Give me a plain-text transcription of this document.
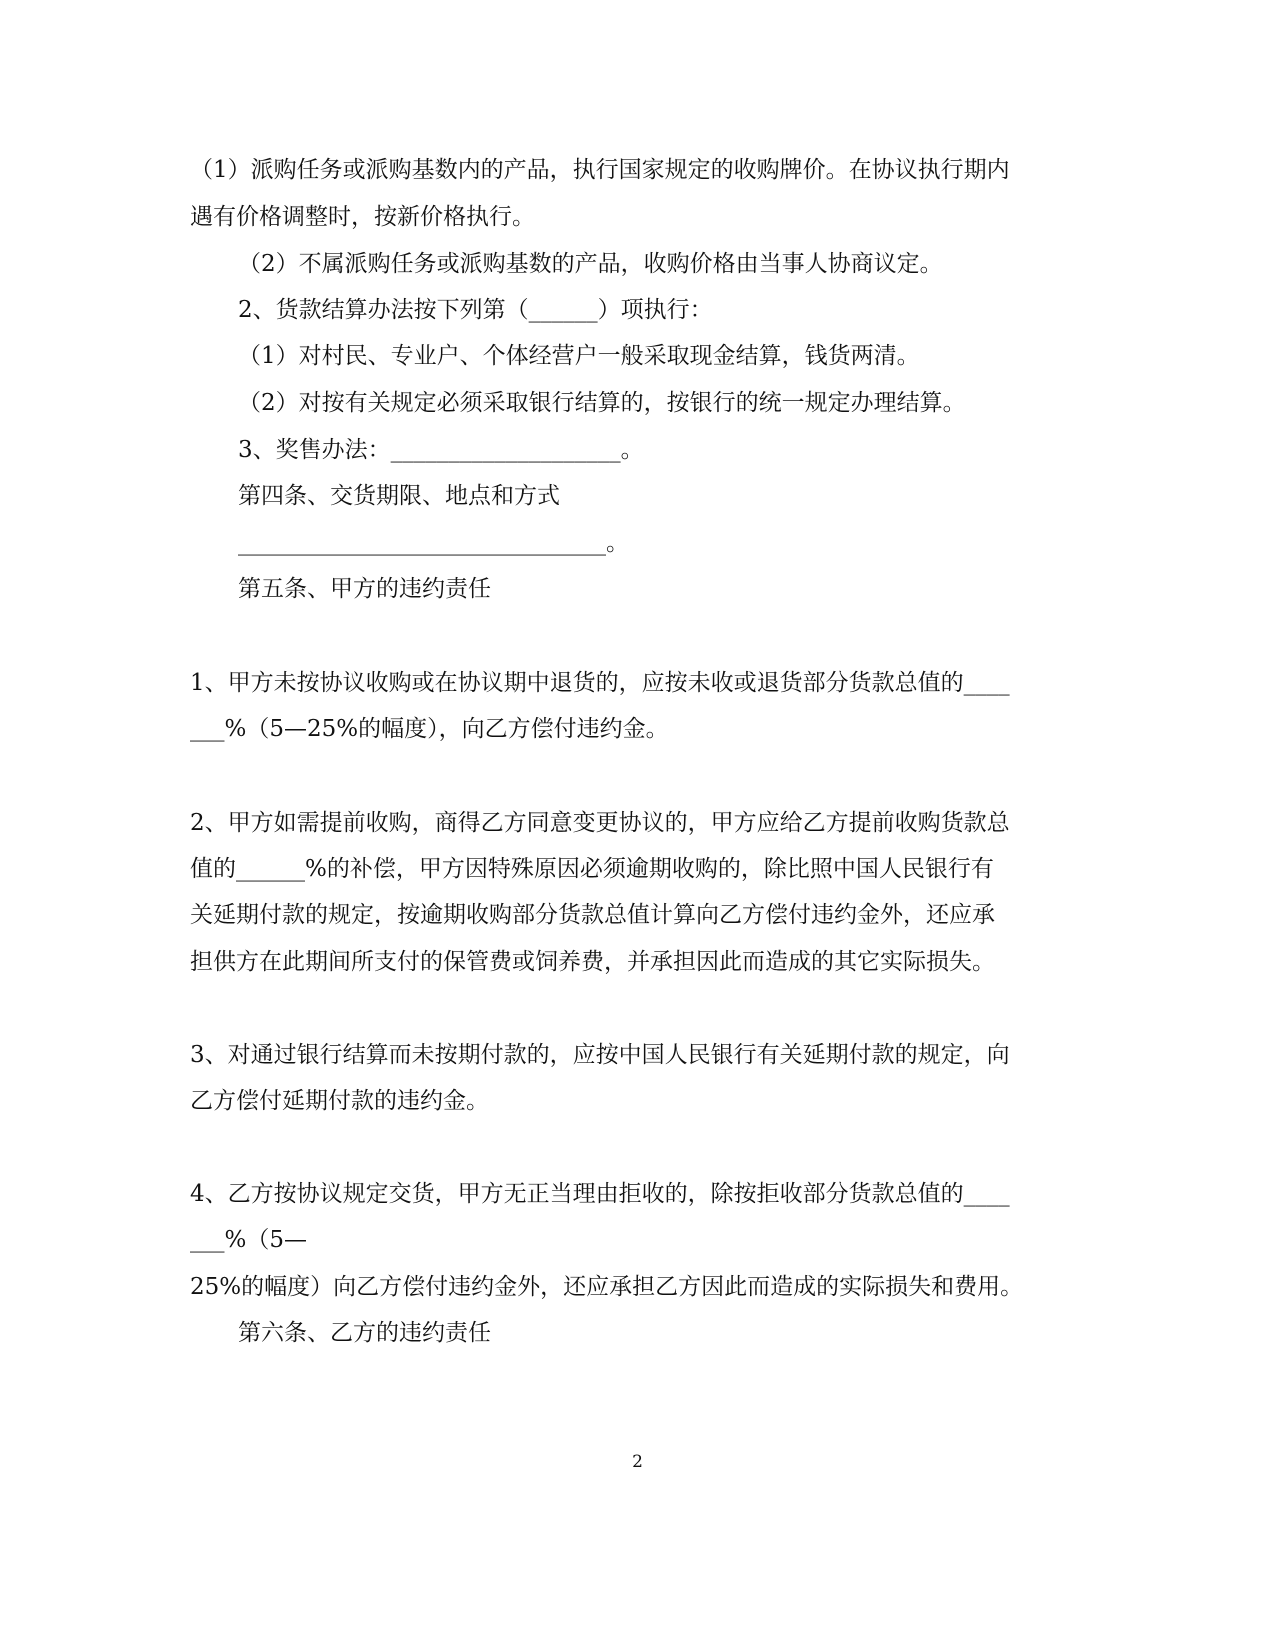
（1）派购任务或派购基数内的产品，执行国家规定的收购牌价。在协议执行期内
遇有价格调整时，按新价格执行。
（2）不属派购任务或派购基数的产品，收购价格由当事人协商议定。
2、货款结算办法按下列第（______）项执行：
（1）对村民、专业户、个体经营户一般采取现金结算，钱货两清。
（2）对按有关规定必须采取银行结算的，按银行的统一规定办理结算。
3、奖售办法：____________________。
第四条、交货期限、地点和方式
________________________________。
第五条、甲方的违约责任
1、甲方未按协议收购或在协议期中退货的，应按未收或退货部分货款总值的____
___%（5—25%的幅度），向乙方偿付违约金。
2、甲方如需提前收购，商得乙方同意变更协议的，甲方应给乙方提前收购货款总
值的______%的补偿，甲方因特殊原因必须逾期收购的，除比照中国人民银行有
关延期付款的规定，按逾期收购部分货款总值计算向乙方偿付违约金外，还应承
担供方在此期间所支付的保管费或饲养费，并承担因此而造成的其它实际损失。
3、对通过银行结算而未按期付款的，应按中国人民银行有关延期付款的规定，向
乙方偿付延期付款的违约金。
4、乙方按协议规定交货，甲方无正当理由拒收的，除按拒收部分货款总值的____
___%（5—
25%的幅度）向乙方偿付违约金外，还应承担乙方因此而造成的实际损失和费用。
第六条、乙方的违约责任
2
